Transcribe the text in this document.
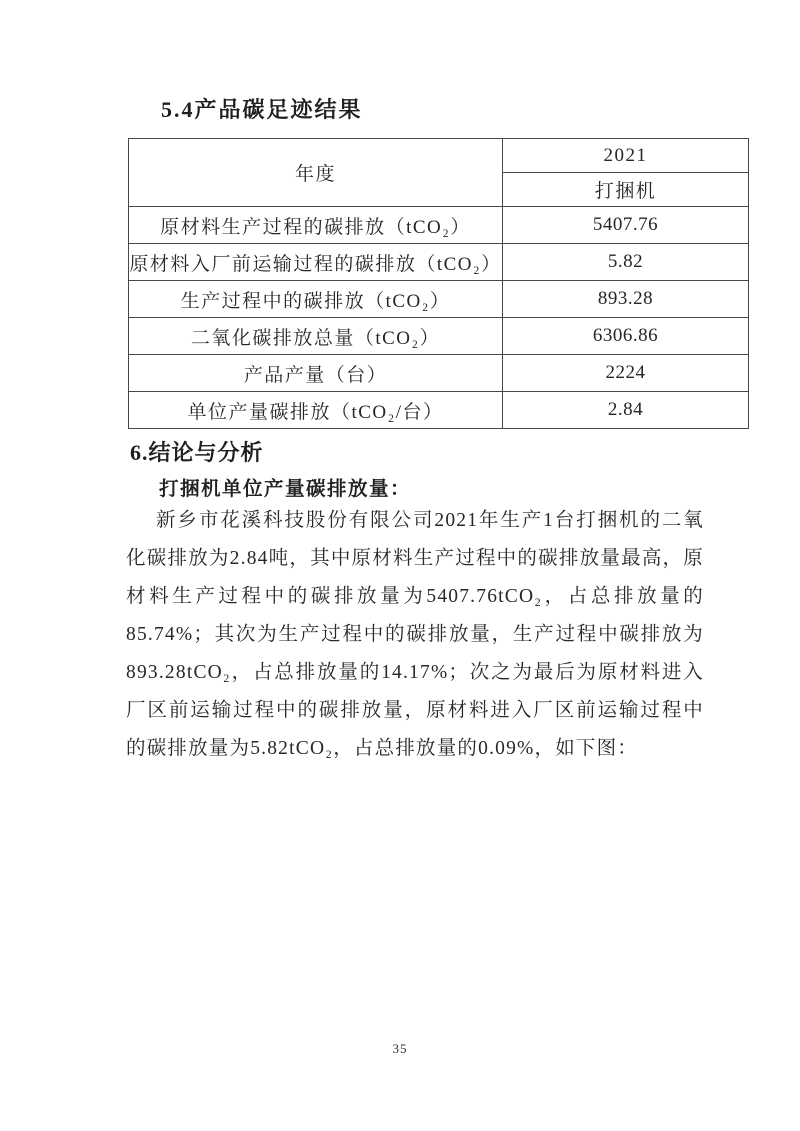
5.4产品碳足迹结果
年度	2021
	打捆机
原材料生产过程的碳排放（tCO₂）	5407.76
原材料入厂前运输过程的碳排放（tCO₂）	5.82
生产过程中的碳排放（tCO₂）	893.28
二氧化碳排放总量（tCO₂）	6306.86
产品产量（台）	2224
单位产量碳排放（tCO₂/台）	2.84
6.结论与分析
打捆机单位产量碳排放量：
新乡市花溪科技股份有限公司2021年生产1台打捆机的二氧化碳排放为2.84吨，其中原材料生产过程中的碳排放量最高，原材料生产过程中的碳排放量为5407.76tCO₂，占总排放量的85.74%；其次为生产过程中的碳排放量，生产过程中碳排放为893.28tCO₂，占总排放量的14.17%；次之为最后为原材料进入厂区前运输过程中的碳排放量，原材料进入厂区前运输过程中的碳排放量为5.82tCO₂，占总排放量的0.09%，如下图：
35
